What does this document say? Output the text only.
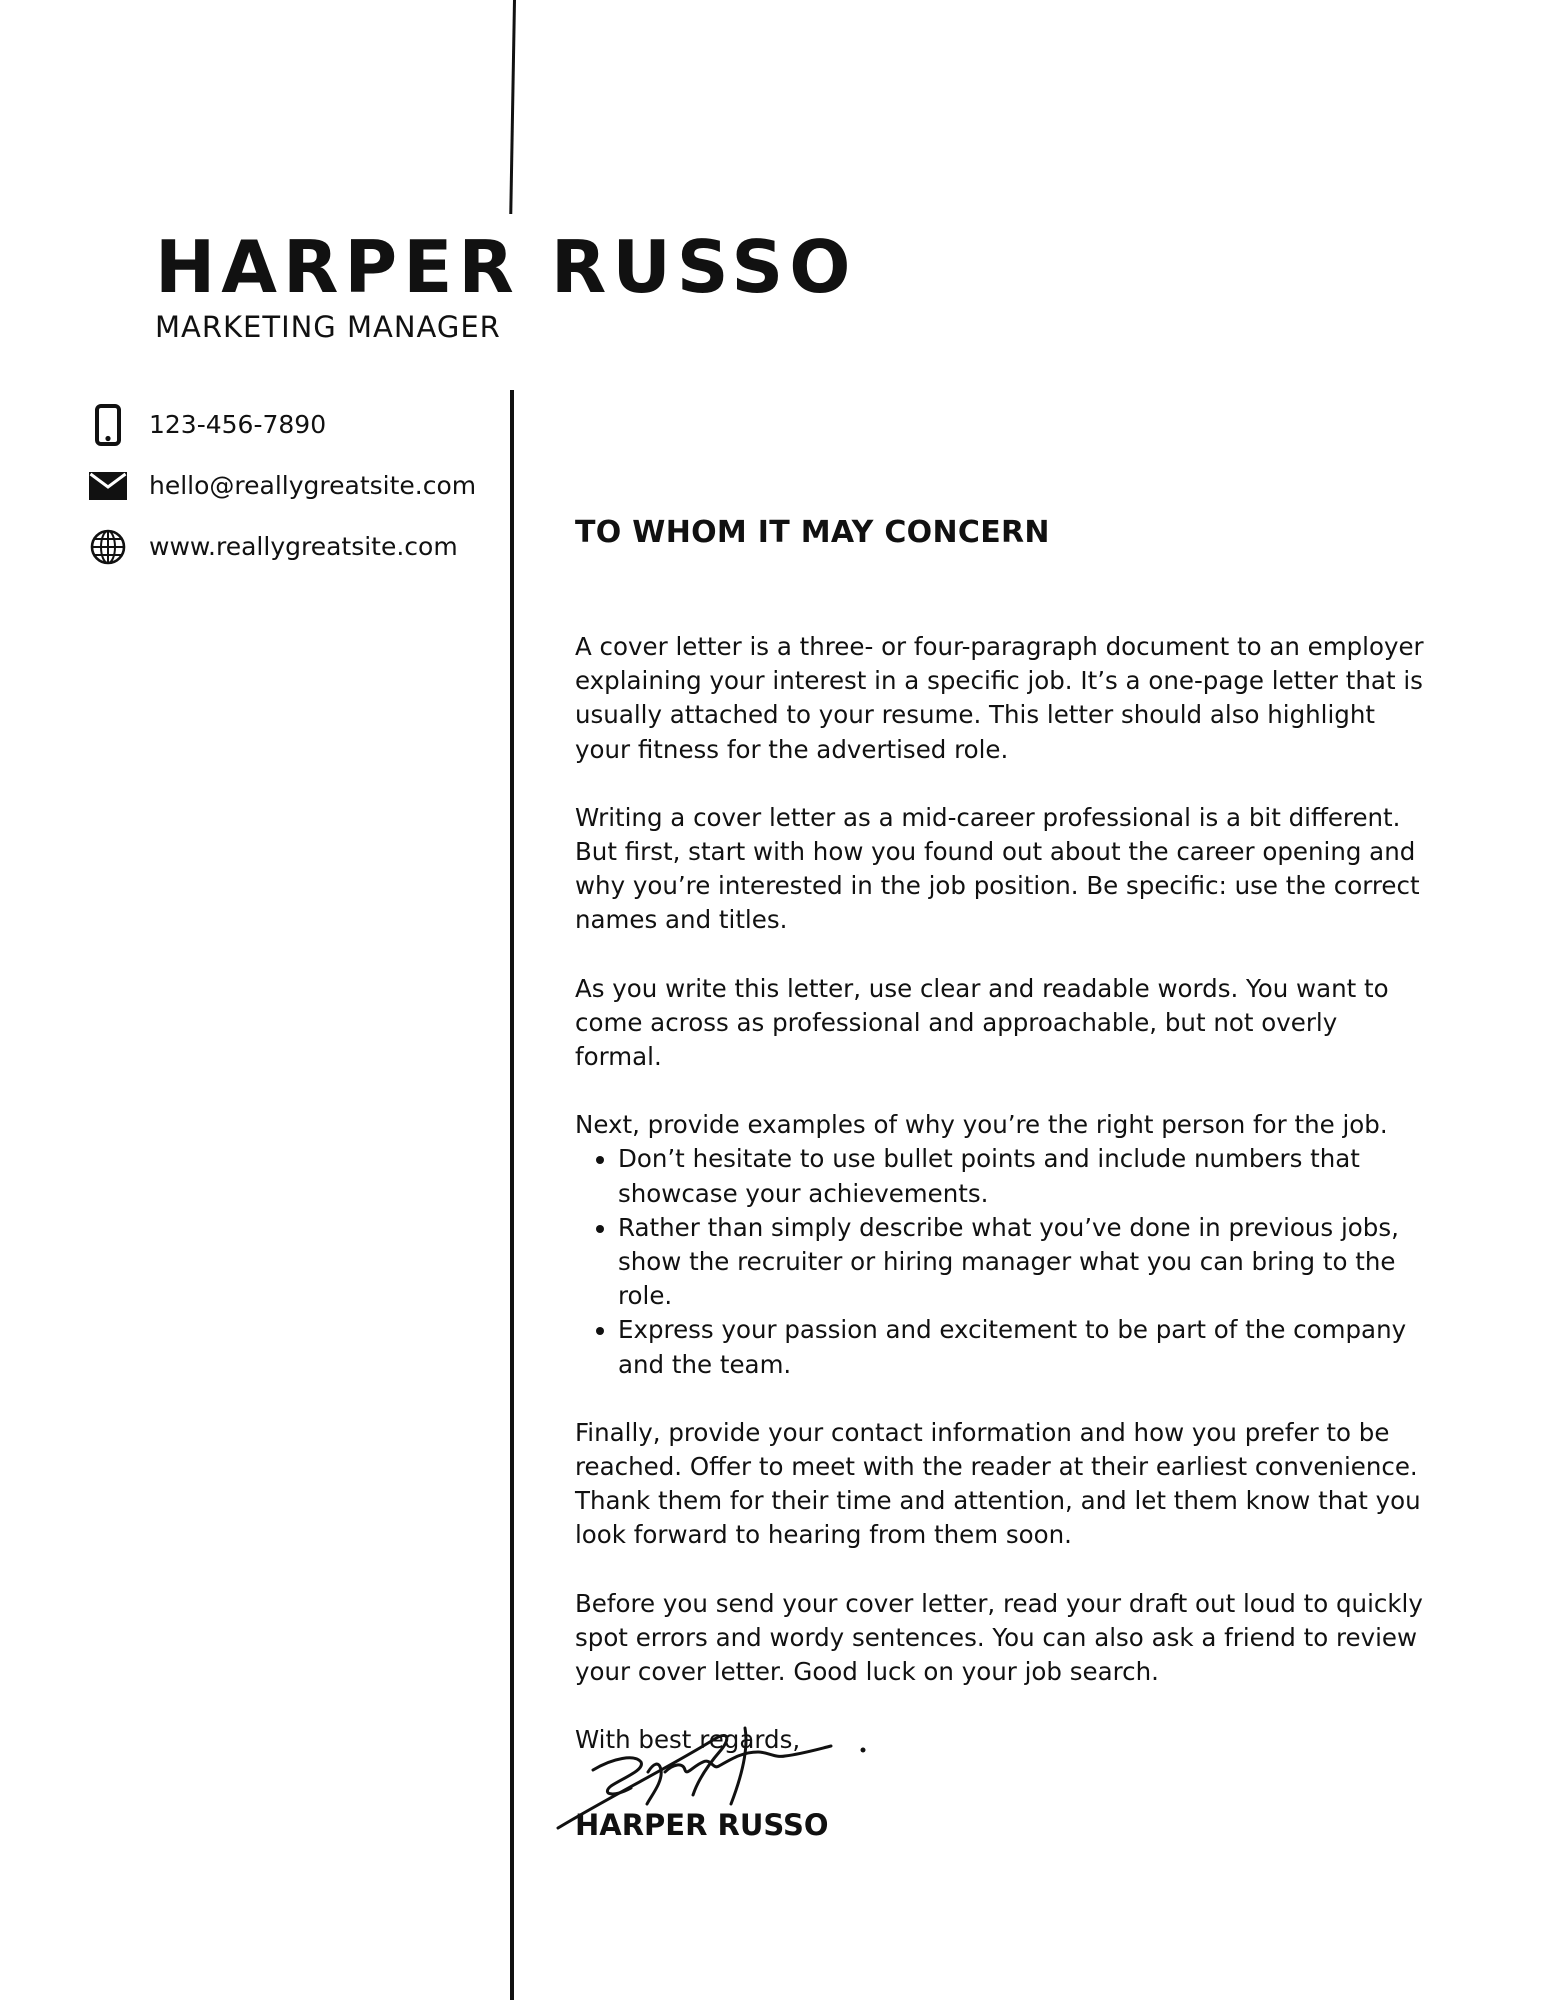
HARPER RUSSO
MARKETING MANAGER
123-456-7890
hello@reallygreatsite.com
www.reallygreatsite.com	TO WHOM IT MAY CONCERN

A cover letter is a three- or four-paragraph document to an employer explaining your interest in a specific job. It’s a one-page letter that is usually attached to your resume. This letter should also highlight your fitness for the advertised role.

Writing a cover letter as a mid-career professional is a bit different. But first, start with how you found out about the career opening and why you’re interested in the job position. Be specific: use the correct names and titles.

As you write this letter, use clear and readable words. You want to come across as professional and approachable, but not overly formal.

Next, provide examples of why you’re the right person for the job.

• Don’t hesitate to use bullet points and include numbers that showcase your achievements.
• Rather than simply describe what you’ve done in previous jobs, show the recruiter or hiring manager what you can bring to the role.
• Express your passion and excitement to be part of the company and the team.

Finally, provide your contact information and how you prefer to be reached. Offer to meet with the reader at their earliest convenience. Thank them for their time and attention, and let them know that you look forward to hearing from them soon.

Before you send your cover letter, read your draft out loud to quickly spot errors and wordy sentences. You can also ask a friend to review your cover letter. Good luck on your job search.

With best regards,

HARPER RUSSO
